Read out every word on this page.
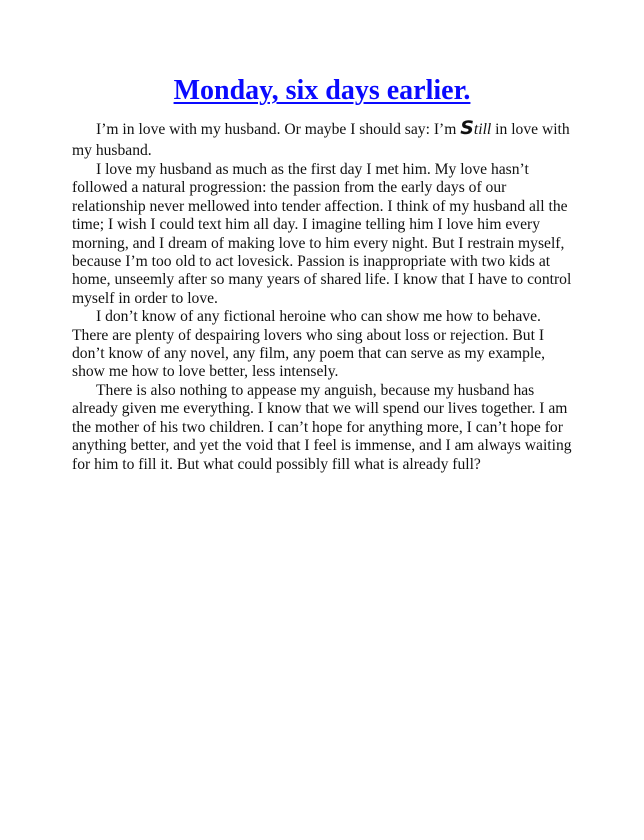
Monday, six days earlier.

I’m in love with my husband. Or maybe I should say: I’m Still in love with my husband.

I love my husband as much as the first day I met him. My love hasn’t followed a natural progression: the passion from the early days of our relationship never mellowed into tender affection. I think of my husband all the time; I wish I could text him all day. I imagine telling him I love him every morning, and I dream of making love to him every night. But I restrain myself, because I’m too old to act lovesick. Passion is inappropriate with two kids at home, unseemly after so many years of shared life. I know that I have to control myself in order to love.

I don’t know of any fictional heroine who can show me how to behave. There are plenty of despairing lovers who sing about loss or rejection. But I don’t know of any novel, any film, any poem that can serve as my example, show me how to love better, less intensely.

There is also nothing to appease my anguish, because my husband has already given me everything. I know that we will spend our lives together. I am the mother of his two children. I can’t hope for anything more, I can’t hope for anything better, and yet the void that I feel is immense, and I am always waiting for him to fill it. But what could possibly fill what is already full?
